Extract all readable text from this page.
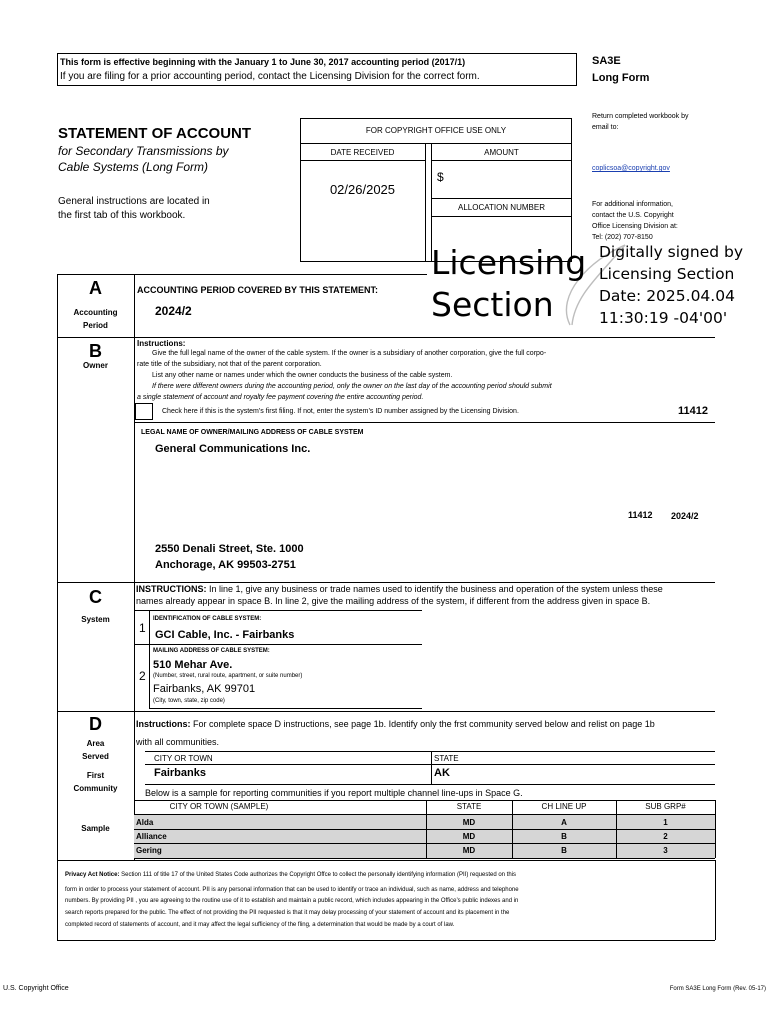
This form is effective beginning with the January 1 to June 30, 2017 accounting period (2017/1)
If you are filing for a prior accounting period, contact the Licensing Division for the correct form.
SA3E
Long Form
STATEMENT OF ACCOUNT
for Secondary Transmissions by
Cable Systems (Long Form)
General instructions are located in
the first tab of this workbook.
FOR COPYRIGHT OFFICE USE ONLY
DATE RECEIVED	AMOUNT
02/26/2025
$
ALLOCATION NUMBER
Return completed workbook by
email to:
coplicsoa@copyright.gov
For additional information,
contact the U.S. Copyright
Office Licensing Division at:
Tel: (202) 707-8150
Licensing
Section
Digitally signed by
Licensing Section
Date: 2025.04.04
11:30:19 -04'00'
A
Accounting
Period
ACCOUNTING PERIOD COVERED BY THIS STATEMENT:
2024/2
B
Owner
Instructions:
Give the full legal name of the owner of the cable system. If the owner is a subsidiary of another corporation, give the full corpo-
rate title of the subsidiary, not that of the parent corporation.
List any other name or names under which the owner conducts the business of the cable system.
If there were different owners during the accounting period, only the owner on the last day of the accounting period should submit
a single statement of account and royalty fee payment covering the entire accounting period.
Check here if this is the system’s first filing. If not, enter the system’s ID number assigned by the Licensing Division.	11412
LEGAL NAME OF OWNER/MAILING ADDRESS OF CABLE SYSTEM
General Communications Inc.
11412 2024/2
2550 Denali Street, Ste. 1000
Anchorage, AK 99503-2751
C
System
INSTRUCTIONS: In line 1, give any business or trade names used to identify the business and operation of the system unless these
names already appear in space B. In line 2, give the mailing address of the system, if different from the address given in space B.
1
IDENTIFICATION OF CABLE SYSTEM:
GCI Cable, Inc. - Fairbanks
2
MAILING ADDRESS OF CABLE SYSTEM:
510 Mehar Ave.
(Number, street, rural route, apartment, or suite number)
Fairbanks, AK 99701
(City, town, state, zip code)
D
Area
Served
First
Community
Sample
Instructions: For complete space D instructions, see page 1b. Identify only the frst community served below and relist on page 1b
with all communities.
CITY OR TOWN	STATE
Fairbanks	AK
Below is a sample for reporting communities if you report multiple channel line-ups in Space G.
CITY OR TOWN (SAMPLE)	STATE	CH LINE UP	SUB GRP#
Alda	MD	A	1
Alliance	MD	B	2
Gering	MD	B	3
Privacy Act Notice: Section 111 of title 17 of the United States Code authorizes the Copyright Offce to collect the personally identifying information (PII) requested on this
form in order to process your statement of account. PII is any personal information that can be used to identify or trace an individual, such as name, address and telephone
numbers. By providing PII , you are agreeing to the routine use of it to establish and maintain a public record, which includes appearing in the Office’s public indexes and in
search reports prepared for the public. The effect of not providing the PII requested is that it may delay processing of your statement of account and its placement in the
completed record of statements of account, and it may affect the legal sufficiency of the fling, a determination that would be made by a court of law.
U.S. Copyright Office	Form SA3E Long Form (Rev. 05-17)
